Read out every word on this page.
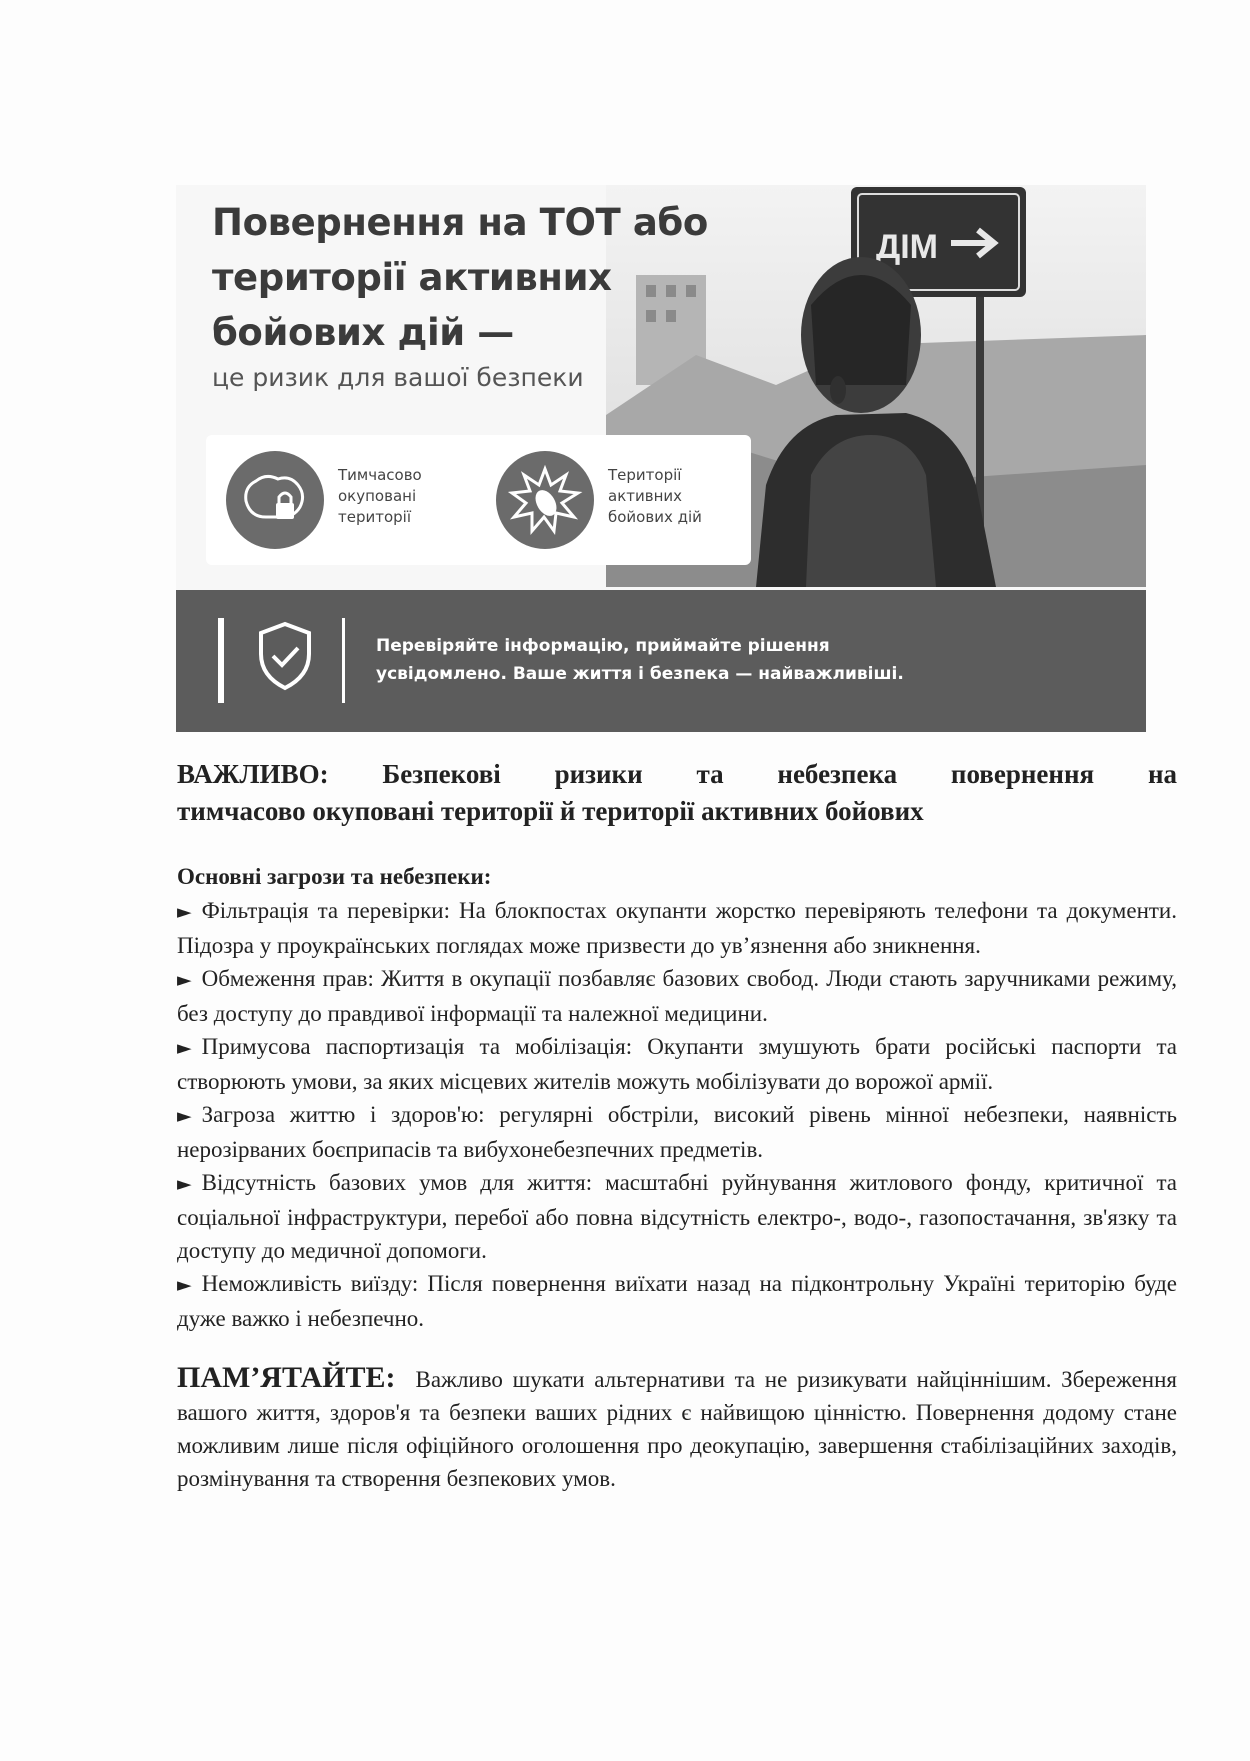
ДІМ

Повернення на ТОТ або

території активних

бойових дій —

це ризик для вашої безпеки

Тимчасово
окуповані
території
Території
активних
бойових дій
Перевіряйте інформацію, приймайте рішення
усвідомлено. Ваше життя і безпека — найважливіші.
ВАЖЛИВО: Безпекові ризики та небезпека повернення на
тимчасово окуповані території й території активних бойових

Основні загрози та небезпеки:

► Фільтрація та перевірки: На блокпостах окупанти жорстко перевіряють телефони та документи. Підозра у проукраїнських поглядах може призвести до ув’язнення або зникнення.

► Обмеження прав: Життя в окупації позбавляє базових свобод. Люди стають заручниками режиму, без доступу до правдивої інформації та належної медицини.

► Примусова паспортизація та мобілізація: Окупанти змушують брати російські паспорти та створюють умови, за яких місцевих жителів можуть мобілізувати до ворожої армії.

► Загроза життю і здоров'ю: регулярні обстріли, високий рівень мінної небезпеки, наявність нерозірваних боєприпасів та вибухонебезпечних предметів.

► Відсутність базових умов для життя: масштабні руйнування житлового фонду, критичної та соціальної інфраструктури, перебої або повна відсутність електро-, водо-, газопостачання, зв'язку та доступу до медичної допомоги.

► Неможливість виїзду: Після повернення виїхати назад на підконтрольну Україні територію буде дуже важко і небезпечно.

ПАМ’ЯТАЙТЕ: Важливо шукати альтернативи та не ризикувати найціннішим. Збереження вашого життя, здоров'я та безпеки ваших рідних є найвищою цінністю. Повернення додому стане можливим лише після офіційного оголошення про деокупацію, завершення стабілізаційних заходів, розмінування та створення безпекових умов.
